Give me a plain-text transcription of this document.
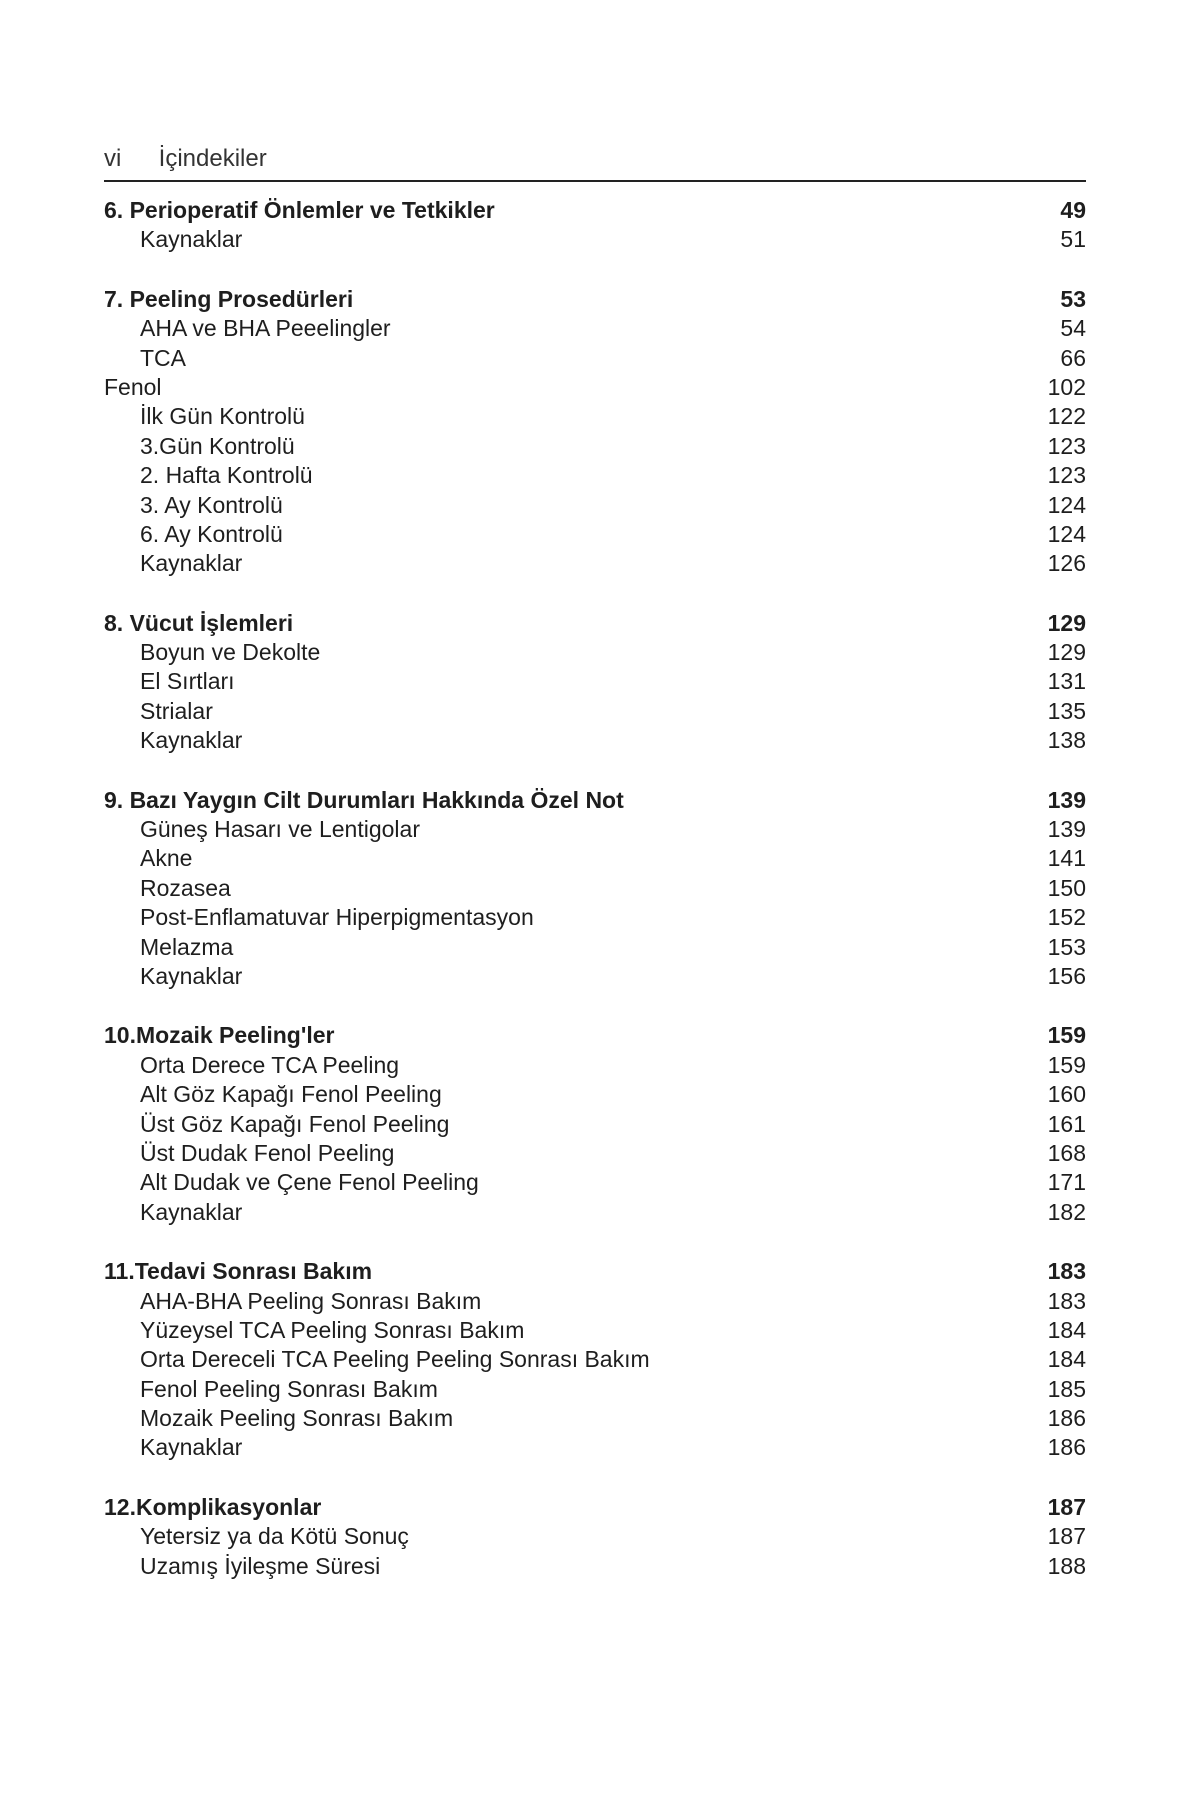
vi İçindekiler
6. Perioperatif Önlemler ve Tetkikler	49
Kaynaklar	51
7. Peeling Prosedürleri	53
AHA ve BHA Peeelingler	54
TCA	66
Fenol	102
İlk Gün Kontrolü	122
3.Gün Kontrolü	123
2. Hafta Kontrolü	123
3. Ay Kontrolü	124
6. Ay Kontrolü	124
Kaynaklar	126
8. Vücut İşlemleri	129
Boyun ve Dekolte	129
El Sırtları	131
Strialar	135
Kaynaklar	138
9. Bazı Yaygın Cilt Durumları Hakkında Özel Not	139
Güneş Hasarı ve Lentigolar	139
Akne	141
Rozasea	150
Post-Enflamatuvar Hiperpigmentasyon	152
Melazma	153
Kaynaklar	156
10.Mozaik Peeling'ler	159
Orta Derece TCA Peeling	159
Alt Göz Kapağı Fenol Peeling	160
Üst Göz Kapağı Fenol Peeling	161
Üst Dudak Fenol Peeling	168
Alt Dudak ve Çene Fenol Peeling	171
Kaynaklar	182
11.Tedavi Sonrası Bakım	183
AHA-BHA Peeling Sonrası Bakım	183
Yüzeysel TCA Peeling Sonrası Bakım	184
Orta Dereceli TCA Peeling Peeling Sonrası Bakım	184
Fenol Peeling Sonrası Bakım	185
Mozaik Peeling Sonrası Bakım	186
Kaynaklar	186
12.Komplikasyonlar	187
Yetersiz ya da Kötü Sonuç	187
Uzamış İyileşme Süresi	188
